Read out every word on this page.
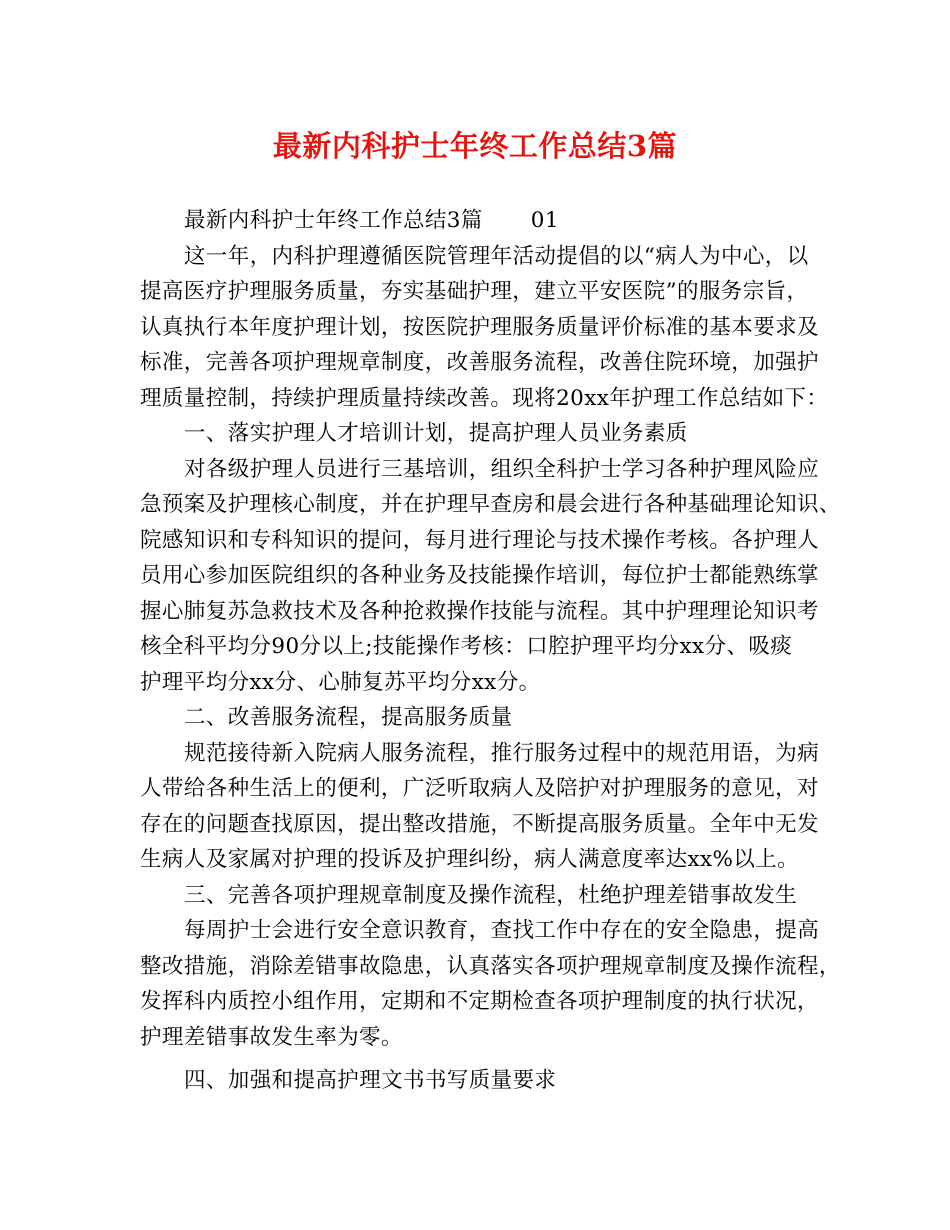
最新内科护士年终工作总结3篇
最新内科护士年终工作总结3篇 01
这一年，内科护理遵循医院管理年活动提倡的以“病人为中心，以
提高医疗护理服务质量，夯实基础护理，建立平安医院”的服务宗旨，
认真执行本年度护理计划，按医院护理服务质量评价标准的基本要求及
标准，完善各项护理规章制度，改善服务流程，改善住院环境，加强护
理质量控制，持续护理质量持续改善。现将20xx年护理工作总结如下：
一、落实护理人才培训计划，提高护理人员业务素质
对各级护理人员进行三基培训，组织全科护士学习各种护理风险应
急预案及护理核心制度，并在护理早查房和晨会进行各种基础理论知识、
院感知识和专科知识的提问，每月进行理论与技术操作考核。各护理人
员用心参加医院组织的各种业务及技能操作培训，每位护士都能熟练掌
握心肺复苏急救技术及各种抢救操作技能与流程。其中护理理论知识考
核全科平均分90分以上;技能操作考核：口腔护理平均分xx分、吸痰
护理平均分xx分、心肺复苏平均分xx分。
二、改善服务流程，提高服务质量
规范接待新入院病人服务流程，推行服务过程中的规范用语，为病
人带给各种生活上的便利，广泛听取病人及陪护对护理服务的意见，对
存在的问题查找原因，提出整改措施，不断提高服务质量。全年中无发
生病人及家属对护理的投诉及护理纠纷，病人满意度率达xx%以上。
三、完善各项护理规章制度及操作流程，杜绝护理差错事故发生
每周护士会进行安全意识教育，查找工作中存在的安全隐患，提高
整改措施，消除差错事故隐患，认真落实各项护理规章制度及操作流程，
发挥科内质控小组作用，定期和不定期检查各项护理制度的执行状况，
护理差错事故发生率为零。
四、加强和提高护理文书书写质量要求
